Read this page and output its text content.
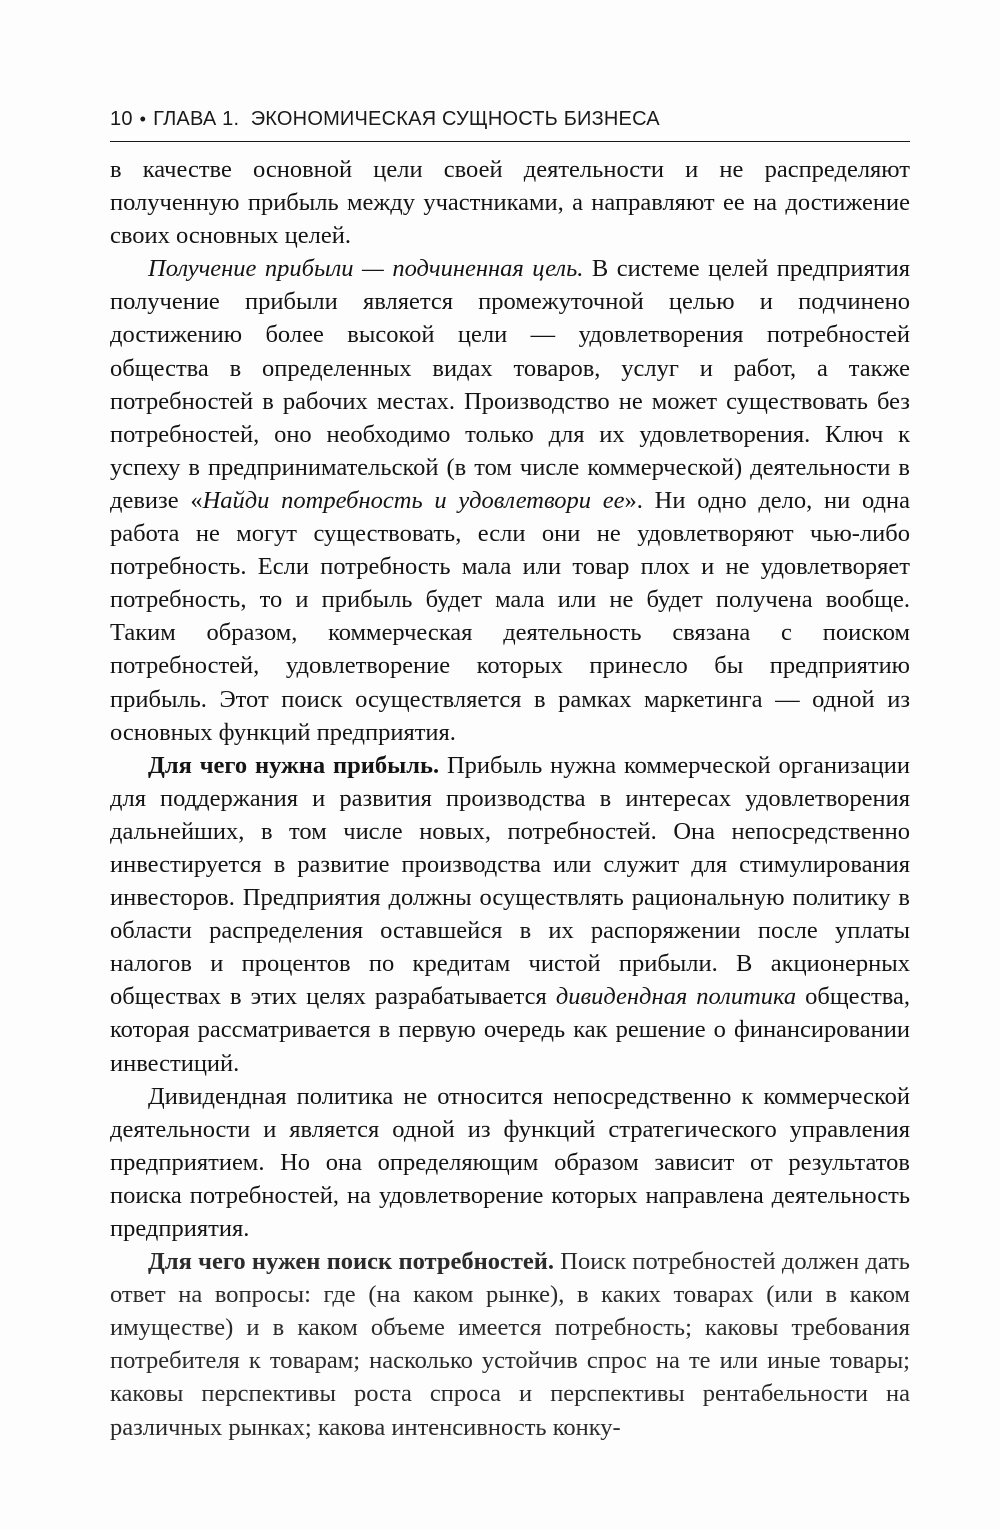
10 • ГЛАВА 1. ЭКОНОМИЧЕСКАЯ СУЩНОСТЬ БИЗНЕСА

в качестве основной цели своей деятельности и не распределяют полученную прибыль между участниками, а направляют ее на достижение своих основных целей.

Получение прибыли — подчиненная цель. В системе целей предприятия получение прибыли является промежуточной целью и подчинено достижению более высокой цели — удовлетворения потребностей общества в определенных видах товаров, услуг и работ, а также потребностей в рабочих местах. Производство не может существовать без потребностей, оно необходимо только для их удовлетворения. Ключ к успеху в предпринимательской (в том числе коммерческой) деятельности в девизе «Найди потребность и удовлетвори ее». Ни одно дело, ни одна работа не могут существовать, если они не удовлетворяют чью-либо потребность. Если потребность мала или товар плох и не удовлетворяет потребность, то и прибыль будет мала или не будет получена вообще. Таким образом, коммерческая деятельность связана с поиском потребностей, удовлетворение которых принесло бы предприятию прибыль. Этот поиск осуществляется в рамках маркетинга — одной из основных функций предприятия.

Для чего нужна прибыль. Прибыль нужна коммерческой организации для поддержания и развития производства в интересах удовлетворения дальнейших, в том числе новых, потребностей. Она непосредственно инвестируется в развитие производства или служит для стимулирования инвесторов. Предприятия должны осуществлять рациональную политику в области распределения оставшейся в их распоряжении после уплаты налогов и процентов по кредитам чистой прибыли. В акционерных обществах в этих целях разрабатывается дивидендная политика общества, которая рассматривается в первую очередь как решение о финансировании инвестиций.

Дивидендная политика не относится непосредственно к коммерческой деятельности и является одной из функций стратегического управления предприятием. Но она определяющим образом зависит от результатов поиска потребностей, на удовлетворение которых направлена деятельность предприятия.

Для чего нужен поиск потребностей. Поиск потребностей должен дать ответ на вопросы: где (на каком рынке), в каких товарах (или в каком имуществе) и в каком объеме имеется потребность; каковы требования потребителя к товарам; насколько устойчив спрос на те или иные товары; каковы перспективы роста спроса и перспективы рентабельности на различных рынках; какова интенсивность конку-
